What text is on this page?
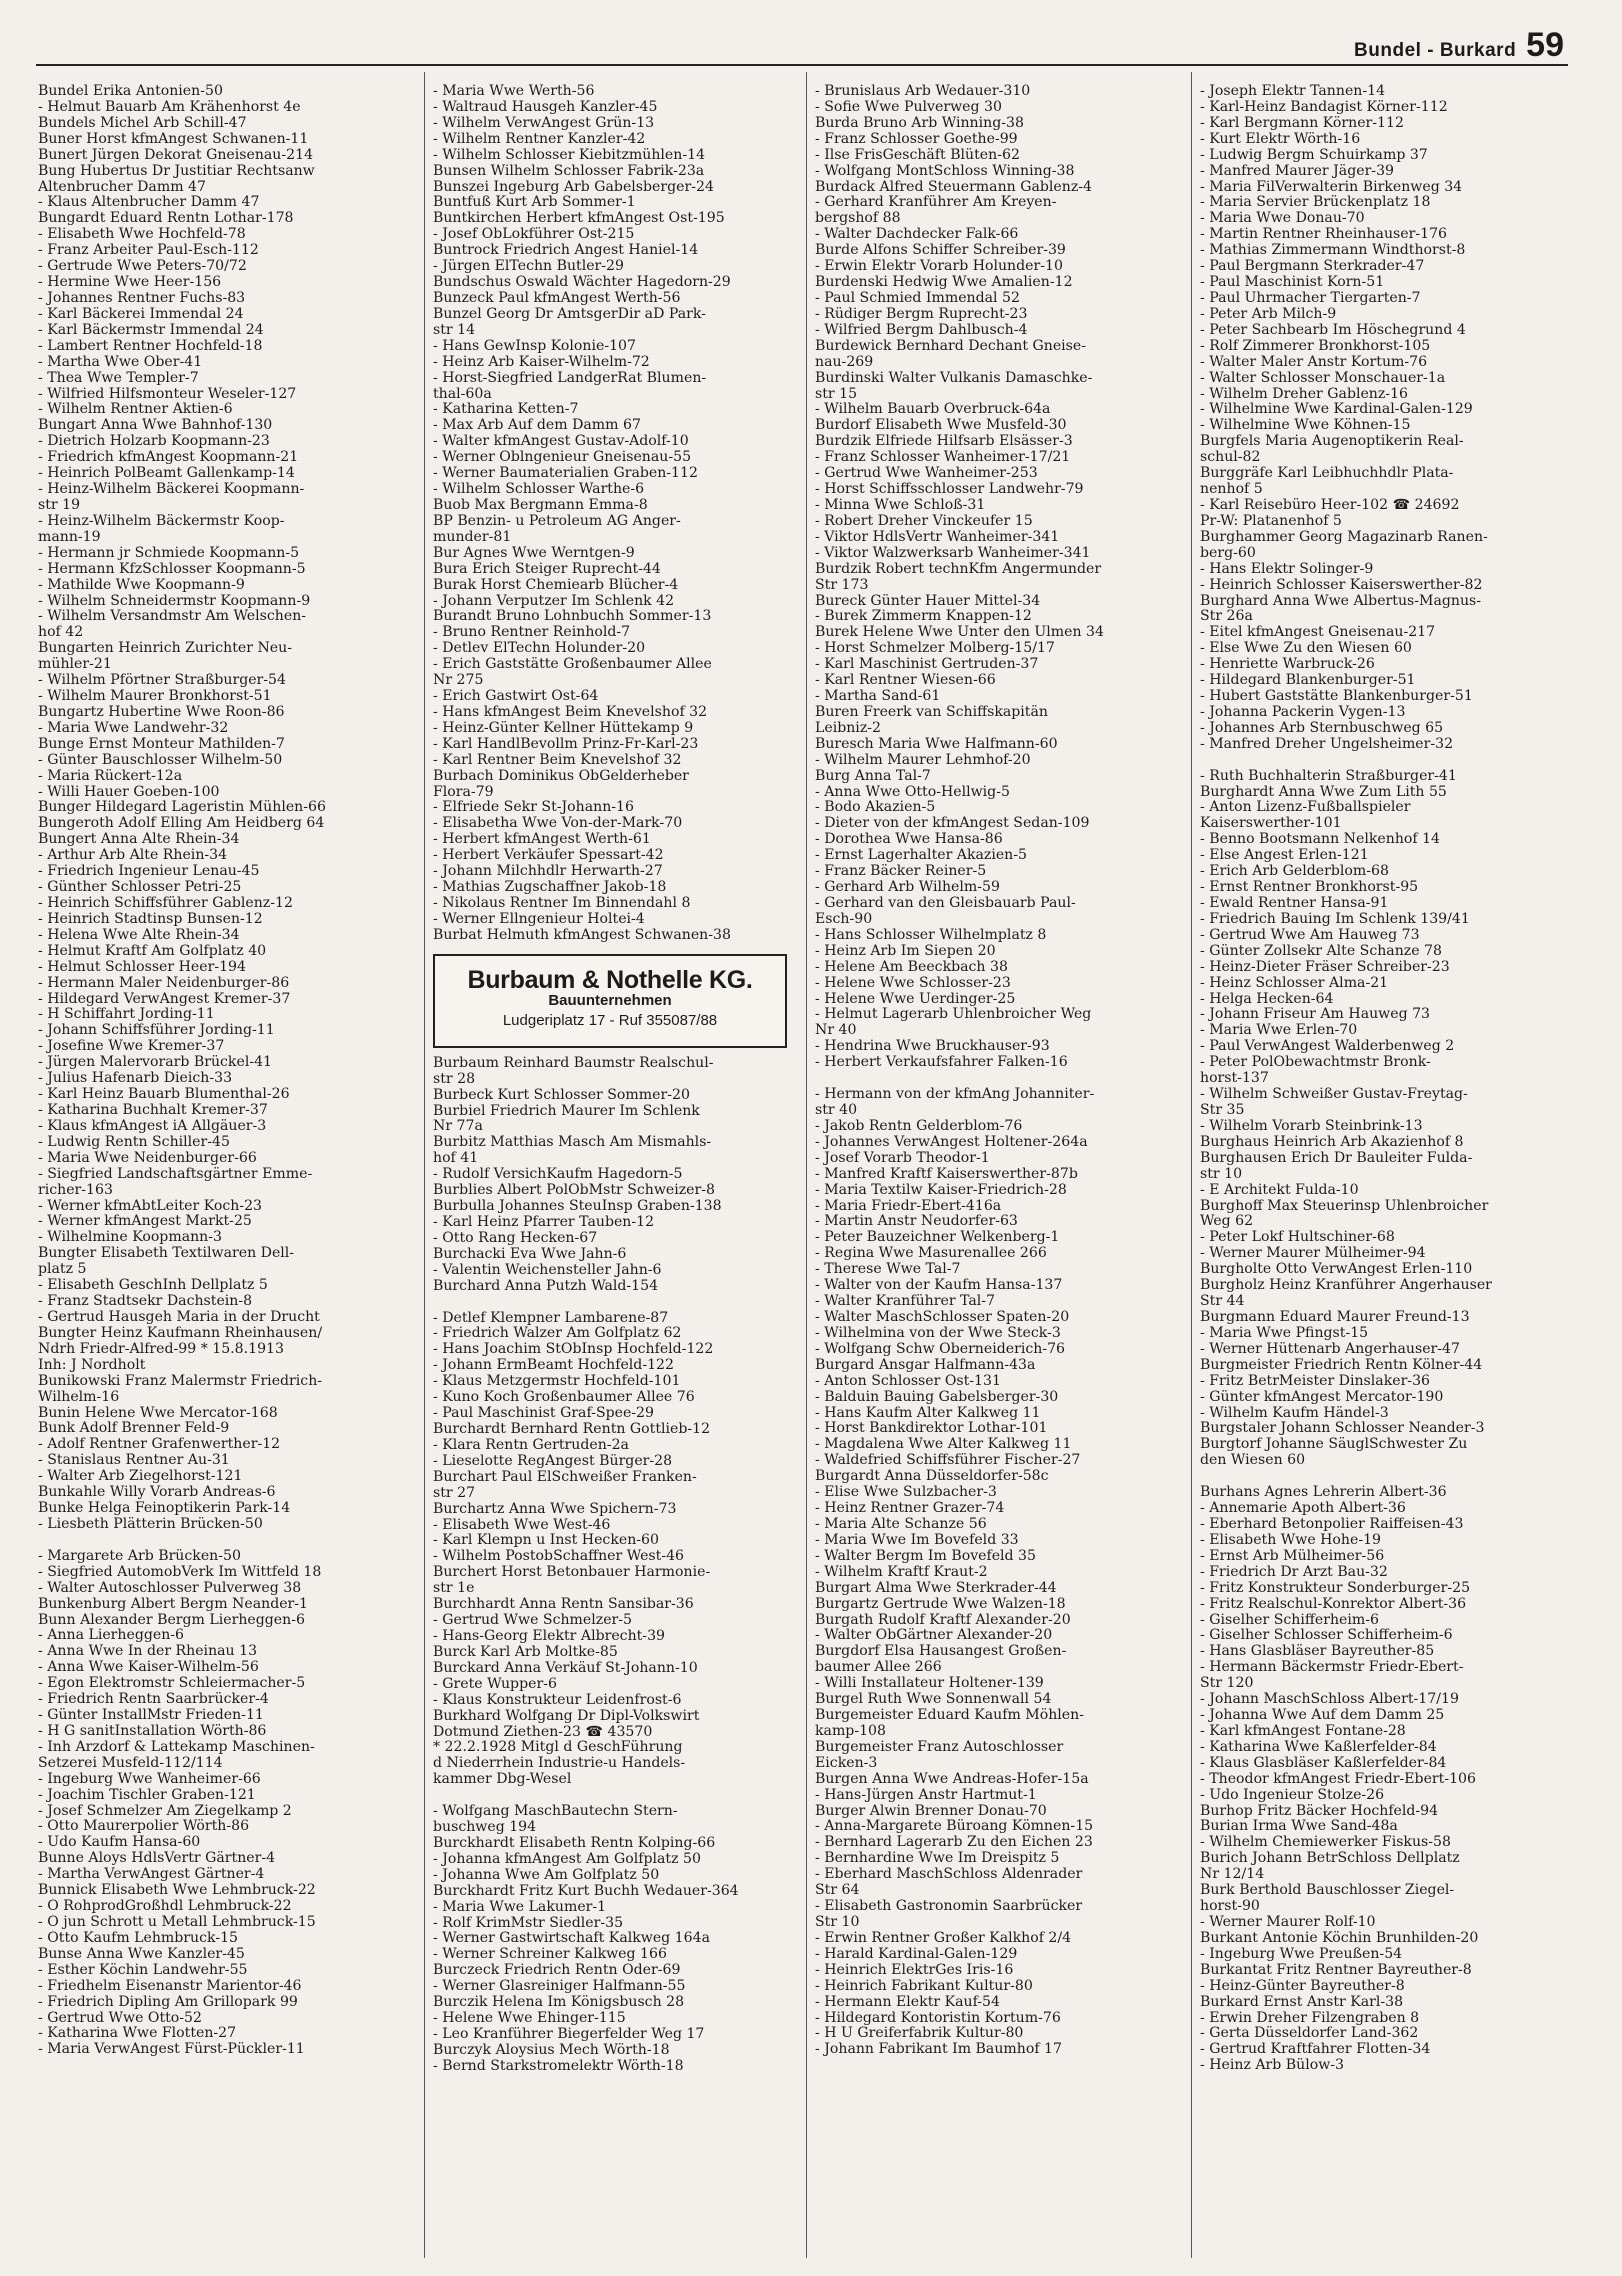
Bundel - Burkard 59
Bundel Erika Antonien-50
- Helmut Bauarb Am Krähenhorst 4e
Bundels Michel Arb Schill-47
Buner Horst kfmAngest Schwanen-11
Bunert Jürgen Dekorat Gneisenau-214
Bung Hubertus Dr Justitiar Rechtsanw
Altenbrucher Damm 47
- Klaus Altenbrucher Damm 47
Bungardt Eduard Rentn Lothar-178
- Elisabeth Wwe Hochfeld-78
- Franz Arbeiter Paul-Esch-112
- Gertrude Wwe Peters-70/72
- Hermine Wwe Heer-156
- Johannes Rentner Fuchs-83
- Karl Bäckerei Immendal 24
- Karl Bäckermstr Immendal 24
- Lambert Rentner Hochfeld-18
- Martha Wwe Ober-41
- Thea Wwe Templer-7
- Wilfried Hilfsmonteur Weseler-127
- Wilhelm Rentner Aktien-6
Bungart Anna Wwe Bahnhof-130
- Dietrich Holzarb Koopmann-23
- Friedrich kfmAngest Koopmann-21
- Heinrich PolBeamt Gallenkamp-14
- Heinz-Wilhelm Bäckerei Koopmann-
str 19
- Heinz-Wilhelm Bäckermstr Koop-
mann-19
- Hermann jr Schmiede Koopmann-5
- Hermann KfzSchlosser Koopmann-5
- Mathilde Wwe Koopmann-9
- Wilhelm Schneidermstr Koopmann-9
- Wilhelm Versandmstr Am Welschen-
hof 42
Bungarten Heinrich Zurichter Neu-
mühler-21
- Wilhelm Pförtner Straßburger-54
- Wilhelm Maurer Bronkhorst-51
Bungartz Hubertine Wwe Roon-86
- Maria Wwe Landwehr-32
Bunge Ernst Monteur Mathilden-7
- Günter Bauschlosser Wilhelm-50
- Maria Rückert-12a
- Willi Hauer Goeben-100
Bunger Hildegard Lageristin Mühlen-66
Bungeroth Adolf Elling Am Heidberg 64
Bungert Anna Alte Rhein-34
- Arthur Arb Alte Rhein-34
- Friedrich Ingenieur Lenau-45
- Günther Schlosser Petri-25
- Heinrich Schiffsführer Gablenz-12
- Heinrich Stadtinsp Bunsen-12
- Helena Wwe Alte Rhein-34
- Helmut Kraftf Am Golfplatz 40
- Helmut Schlosser Heer-194
- Hermann Maler Neidenburger-86
- Hildegard VerwAngest Kremer-37
- H Schiffahrt Jording-11
- Johann Schiffsführer Jording-11
- Josefine Wwe Kremer-37
- Jürgen Malervorarb Brückel-41
- Julius Hafenarb Dieich-33
- Karl Heinz Bauarb Blumenthal-26
- Katharina Buchhalt Kremer-37
- Klaus kfmAngest iA Allgäuer-3
- Ludwig Rentn Schiller-45
- Maria Wwe Neidenburger-66
- Siegfried Landschaftsgärtner Emme-
richer-163
- Werner kfmAbtLeiter Koch-23
- Werner kfmAngest Markt-25
- Wilhelmine Koopmann-3
Bungter Elisabeth Textilwaren Dell-
platz 5
- Elisabeth GeschInh Dellplatz 5
- Franz Stadtsekr Dachstein-8
- Gertrud Hausgeh Maria in der Drucht
Bungter Heinz Kaufmann Rheinhausen/
Ndrh Friedr-Alfred-99 * 15.8.1913
Inh: J Nordholt
Bunikowski Franz Malermstr Friedrich-
Wilhelm-16
Bunin Helene Wwe Mercator-168
Bunk Adolf Brenner Feld-9
- Adolf Rentner Grafenwerther-12
- Stanislaus Rentner Au-31
- Walter Arb Ziegelhorst-121
Bunkahle Willy Vorarb Andreas-6
Bunke Helga Feinoptikerin Park-14
- Liesbeth Plätterin Brücken-50
- Margarete Arb Brücken-50
- Siegfried AutomobVerk Im Wittfeld 18
- Walter Autoschlosser Pulverweg 38
Bunkenburg Albert Bergm Neander-1
Bunn Alexander Bergm Lierheggen-6
- Anna Lierheggen-6
- Anna Wwe In der Rheinau 13
- Anna Wwe Kaiser-Wilhelm-56
- Egon Elektromstr Schleiermacher-5
- Friedrich Rentn Saarbrücker-4
- Günter InstallMstr Frieden-11
- H G sanitInstallation Wörth-86
- Inh Arzdorf & Lattekamp Maschinen-
Setzerei Musfeld-112/114
- Ingeburg Wwe Wanheimer-66
- Joachim Tischler Graben-121
- Josef Schmelzer Am Ziegelkamp 2
- Otto Maurerpolier Wörth-86
- Udo Kaufm Hansa-60
Bunne Aloys HdlsVertr Gärtner-4
- Martha VerwAngest Gärtner-4
Bunnick Elisabeth Wwe Lehmbruck-22
- O RohprodGroßhdl Lehmbruck-22
- O jun Schrott u Metall Lehmbruck-15
- Otto Kaufm Lehmbruck-15
Bunse Anna Wwe Kanzler-45
- Esther Köchin Landwehr-55
- Friedhelm Eisenanstr Marientor-46
- Friedrich Dipling Am Grillopark 99
- Gertrud Wwe Otto-52
- Katharina Wwe Flotten-27
- Maria VerwAngest Fürst-Pückler-11
- Maria Wwe Werth-56
- Waltraud Hausgeh Kanzler-45
- Wilhelm VerwAngest Grün-13
- Wilhelm Rentner Kanzler-42
- Wilhelm Schlosser Kiebitzmühlen-14
Bunsen Wilhelm Schlosser Fabrik-23a
Bunszei Ingeburg Arb Gabelsberger-24
Buntfuß Kurt Arb Sommer-1
Buntkirchen Herbert kfmAngest Ost-195
- Josef ObLokführer Ost-215
Buntrock Friedrich Angest Haniel-14
- Jürgen ElTechn Butler-29
Bundschus Oswald Wächter Hagedorn-29
Bunzeck Paul kfmAngest Werth-56
Bunzel Georg Dr AmtsgerDir aD Park-
str 14
- Hans GewInsp Kolonie-107
- Heinz Arb Kaiser-Wilhelm-72
- Horst-Siegfried LandgerRat Blumen-
thal-60a
- Katharina Ketten-7
- Max Arb Auf dem Damm 67
- Walter kfmAngest Gustav-Adolf-10
- Werner Oblngenieur Gneisenau-55
- Werner Baumaterialien Graben-112
- Wilhelm Schlosser Warthe-6
Buob Max Bergmann Emma-8
BP Benzin- u Petroleum AG Anger-
munder-81
Bur Agnes Wwe Werntgen-9
Bura Erich Steiger Ruprecht-44
Burak Horst Chemiearb Blücher-4
- Johann Verputzer Im Schlenk 42
Burandt Bruno Lohnbuchh Sommer-13
- Bruno Rentner Reinhold-7
- Detlev ElTechn Holunder-20
- Erich Gaststätte Großenbaumer Allee
Nr 275
- Erich Gastwirt Ost-64
- Hans kfmAngest Beim Knevelshof 32
- Heinz-Günter Kellner Hüttekamp 9
- Karl HandlBevollm Prinz-Fr-Karl-23
- Karl Rentner Beim Knevelshof 32
Burbach Dominikus ObGelderheber
Flora-79
- Elfriede Sekr St-Johann-16
- Elisabetha Wwe Von-der-Mark-70
- Herbert kfmAngest Werth-61
- Herbert Verkäufer Spessart-42
- Johann Milchhdlr Herwarth-27
- Mathias Zugschaffner Jakob-18
- Nikolaus Rentner Im Binnendahl 8
- Werner Ellngenieur Holtei-4
Burbat Helmuth kfmAngest Schwanen-38
Burbaum & Nothelle KG.
Bauunternehmen
Ludgeriplatz 17 - Ruf 355087/88
Burbaum Reinhard Baumstr Realschul-
str 28
Burbeck Kurt Schlosser Sommer-20
Burbiel Friedrich Maurer Im Schlenk
Nr 77a
Burbitz Matthias Masch Am Mismahls-
hof 41
- Rudolf VersichKaufm Hagedorn-5
Burblies Albert PolObMstr Schweizer-8
Burbulla Johannes SteuInsp Graben-138
- Karl Heinz Pfarrer Tauben-12
- Otto Rang Hecken-67
Burchacki Eva Wwe Jahn-6
- Valentin Weichensteller Jahn-6
Burchard Anna Putzh Wald-154
- Detlef Klempner Lambarene-87
- Friedrich Walzer Am Golfplatz 62
- Hans Joachim StObInsp Hochfeld-122
- Johann ErmBeamt Hochfeld-122
- Klaus Metzgermstr Hochfeld-101
- Kuno Koch Großenbaumer Allee 76
- Paul Maschinist Graf-Spee-29
Burchardt Bernhard Rentn Gottlieb-12
- Klara Rentn Gertruden-2a
- Lieselotte RegAngest Bürger-28
Burchart Paul ElSchweißer Franken-
str 27
Burchartz Anna Wwe Spichern-73
- Elisabeth Wwe West-46
- Karl Klempn u Inst Hecken-60
- Wilhelm PostobSchaffner West-46
Burchert Horst Betonbauer Harmonie-
str 1e
Burchhardt Anna Rentn Sansibar-36
- Gertrud Wwe Schmelzer-5
- Hans-Georg Elektr Albrecht-39
Burck Karl Arb Moltke-85
Burckard Anna Verkäuf St-Johann-10
- Grete Wupper-6
- Klaus Konstrukteur Leidenfrost-6
Burkhard Wolfgang Dr Dipl-Volkswirt
Dotmund Ziethen-23 ☎ 43570
* 22.2.1928 Mitgl d GeschFührung
d Niederrhein Industrie-u Handels-
kammer Dbg-Wesel
- Wolfgang MaschBautechn Stern-
buschweg 194
Burckhardt Elisabeth Rentn Kolping-66
- Johanna kfmAngest Am Golfplatz 50
- Johanna Wwe Am Golfplatz 50
Burckhardt Fritz Kurt Buchh Wedauer-364
- Maria Wwe Lakumer-1
- Rolf KrimMstr Siedler-35
- Werner Gastwirtschaft Kalkweg 164a
- Werner Schreiner Kalkweg 166
Burczeck Friedrich Rentn Oder-69
- Werner Glasreiniger Halfmann-55
Burczik Helena Im Königsbusch 28
- Helene Wwe Ehinger-115
- Leo Kranführer Biegerfelder Weg 17
Burczyk Aloysius Mech Wörth-18
- Bernd Starkstromelektr Wörth-18
- Brunislaus Arb Wedauer-310
- Sofie Wwe Pulverweg 30
Burda Bruno Arb Winning-38
- Franz Schlosser Goethe-99
- Ilse FrisGeschäft Blüten-62
- Wolfgang MontSchloss Winning-38
Burdack Alfred Steuermann Gablenz-4
- Gerhard Kranführer Am Kreyen-
bergshof 88
- Walter Dachdecker Falk-66
Burde Alfons Schiffer Schreiber-39
- Erwin Elektr Vorarb Holunder-10
Burdenski Hedwig Wwe Amalien-12
- Paul Schmied Immendal 52
- Rüdiger Bergm Ruprecht-23
- Wilfried Bergm Dahlbusch-4
Burdewick Bernhard Dechant Gneise-
nau-269
Burdinski Walter Vulkanis Damaschke-
str 15
- Wilhelm Bauarb Overbruck-64a
Burdorf Elisabeth Wwe Musfeld-30
Burdzik Elfriede Hilfsarb Elsässer-3
- Franz Schlosser Wanheimer-17/21
- Gertrud Wwe Wanheimer-253
- Horst Schiffsschlosser Landwehr-79
- Minna Wwe Schloß-31
- Robert Dreher Vinckeufer 15
- Viktor HdlsVertr Wanheimer-341
- Viktor Walzwerksarb Wanheimer-341
Burdzik Robert technKfm Angermunder
Str 173
Bureck Günter Hauer Mittel-34
- Burek Zimmerm Knappen-12
Burek Helene Wwe Unter den Ulmen 34
- Horst Schmelzer Molberg-15/17
- Karl Maschinist Gertruden-37
- Karl Rentner Wiesen-66
- Martha Sand-61
Buren Freerk van Schiffskapitän
Leibniz-2
Buresch Maria Wwe Halfmann-60
- Wilhelm Maurer Lehmhof-20
Burg Anna Tal-7
- Anna Wwe Otto-Hellwig-5
- Bodo Akazien-5
- Dieter von der kfmAngest Sedan-109
- Dorothea Wwe Hansa-86
- Ernst Lagerhalter Akazien-5
- Franz Bäcker Reiner-5
- Gerhard Arb Wilhelm-59
- Gerhard van den Gleisbauarb Paul-
Esch-90
- Hans Schlosser Wilhelmplatz 8
- Heinz Arb Im Siepen 20
- Helene Am Beeckbach 38
- Helene Wwe Schlosser-23
- Helene Wwe Uerdinger-25
- Helmut Lagerarb Uhlenbroicher Weg
Nr 40
- Hendrina Wwe Bruckhauser-93
- Herbert Verkaufsfahrer Falken-16
- Hermann von der kfmAng Johanniter-
str 40
- Jakob Rentn Gelderblom-76
- Johannes VerwAngest Holtener-264a
- Josef Vorarb Theodor-1
- Manfred Kraftf Kaiserswerther-87b
- Maria Textilw Kaiser-Friedrich-28
- Maria Friedr-Ebert-416a
- Martin Anstr Neudorfer-63
- Peter Bauzeichner Welkenberg-1
- Regina Wwe Masurenallee 266
- Therese Wwe Tal-7
- Walter von der Kaufm Hansa-137
- Walter Kranführer Tal-7
- Walter MaschSchlosser Spaten-20
- Wilhelmina von der Wwe Steck-3
- Wolfgang Schw Oberneiderich-76
Burgard Ansgar Halfmann-43a
- Anton Schlosser Ost-131
- Balduin Bauing Gabelsberger-30
- Hans Kaufm Alter Kalkweg 11
- Horst Bankdirektor Lothar-101
- Magdalena Wwe Alter Kalkweg 11
- Waldefried Schiffsführer Fischer-27
Burgardt Anna Düsseldorfer-58c
- Elise Wwe Sulzbacher-3
- Heinz Rentner Grazer-74
- Maria Alte Schanze 56
- Maria Wwe Im Bovefeld 33
- Walter Bergm Im Bovefeld 35
- Wilhelm Kraftf Kraut-2
Burgart Alma Wwe Sterkrader-44
Burgartz Gertrude Wwe Walzen-18
Burgath Rudolf Kraftf Alexander-20
- Walter ObGärtner Alexander-20
Burgdorf Elsa Hausangest Großen-
baumer Allee 266
- Willi Installateur Holtener-139
Burgel Ruth Wwe Sonnenwall 54
Burgemeister Eduard Kaufm Möhlen-
kamp-108
Burgemeister Franz Autoschlosser
Eicken-3
Burgen Anna Wwe Andreas-Hofer-15a
- Hans-Jürgen Anstr Hartmut-1
Burger Alwin Brenner Donau-70
- Anna-Margarete Büroang Kömnen-15
- Bernhard Lagerarb Zu den Eichen 23
- Bernhardine Wwe Im Dreispitz 5
- Eberhard MaschSchloss Aldenrader
Str 64
- Elisabeth Gastronomin Saarbrücker
Str 10
- Erwin Rentner Großer Kalkhof 2/4
- Harald Kardinal-Galen-129
- Heinrich ElektrGes Iris-16
- Heinrich Fabrikant Kultur-80
- Hermann Elektr Kauf-54
- Hildegard Kontoristin Kortum-76
- H U Greiferfabrik Kultur-80
- Johann Fabrikant Im Baumhof 17
- Joseph Elektr Tannen-14
- Karl-Heinz Bandagist Körner-112
- Karl Bergmann Körner-112
- Kurt Elektr Wörth-16
- Ludwig Bergm Schuirkamp 37
- Manfred Maurer Jäger-39
- Maria FilVerwalterin Birkenweg 34
- Maria Servier Brückenplatz 18
- Maria Wwe Donau-70
- Martin Rentner Rheinhauser-176
- Mathias Zimmermann Windthorst-8
- Paul Bergmann Sterkrader-47
- Paul Maschinist Korn-51
- Paul Uhrmacher Tiergarten-7
- Peter Arb Milch-9
- Peter Sachbearb Im Höschegrund 4
- Rolf Zimmerer Bronkhorst-105
- Walter Maler Anstr Kortum-76
- Walter Schlosser Monschauer-1a
- Wilhelm Dreher Gablenz-16
- Wilhelmine Wwe Kardinal-Galen-129
- Wilhelmine Wwe Köhnen-15
Burgfels Maria Augenoptikerin Real-
schul-82
Burggräfe Karl Leibhuchhdlr Plata-
nenhof 5
- Karl Reisebüro Heer-102 ☎ 24692
Pr-W: Platanenhof 5
Burghammer Georg Magazinarb Ranen-
berg-60
- Hans Elektr Solinger-9
- Heinrich Schlosser Kaiserswerther-82
Burghard Anna Wwe Albertus-Magnus-
Str 26a
- Eitel kfmAngest Gneisenau-217
- Else Wwe Zu den Wiesen 60
- Henriette Warbruck-26
- Hildegard Blankenburger-51
- Hubert Gaststätte Blankenburger-51
- Johanna Packerin Vygen-13
- Johannes Arb Sternbuschweg 65
- Manfred Dreher Ungelsheimer-32
- Ruth Buchhalterin Straßburger-41
Burghardt Anna Wwe Zum Lith 55
- Anton Lizenz-Fußballspieler
Kaiserswerther-101
- Benno Bootsmann Nelkenhof 14
- Else Angest Erlen-121
- Erich Arb Gelderblom-68
- Ernst Rentner Bronkhorst-95
- Ewald Rentner Hansa-91
- Friedrich Bauing Im Schlenk 139/41
- Gertrud Wwe Am Hauweg 73
- Günter Zollsekr Alte Schanze 78
- Heinz-Dieter Fräser Schreiber-23
- Heinz Schlosser Alma-21
- Helga Hecken-64
- Johann Friseur Am Hauweg 73
- Maria Wwe Erlen-70
- Paul VerwAngest Walderbenweg 2
- Peter PolObewachtmstr Bronk-
horst-137
- Wilhelm Schweißer Gustav-Freytag-
Str 35
- Wilhelm Vorarb Steinbrink-13
Burghaus Heinrich Arb Akazienhof 8
Burghausen Erich Dr Bauleiter Fulda-
str 10
- E Architekt Fulda-10
Burghoff Max Steuerinsp Uhlenbroicher
Weg 62
- Peter Lokf Hultschiner-68
- Werner Maurer Mülheimer-94
Burgholte Otto VerwAngest Erlen-110
Burgholz Heinz Kranführer Angerhauser
Str 44
Burgmann Eduard Maurer Freund-13
- Maria Wwe Pfingst-15
- Werner Hüttenarb Angerhauser-47
Burgmeister Friedrich Rentn Kölner-44
- Fritz BetrMeister Dinslaker-36
- Günter kfmAngest Mercator-190
- Wilhelm Kaufm Händel-3
Burgstaler Johann Schlosser Neander-3
Burgtorf Johanne SäuglSchwester Zu
den Wiesen 60
Burhans Agnes Lehrerin Albert-36
- Annemarie Apoth Albert-36
- Eberhard Betonpolier Raiffeisen-43
- Elisabeth Wwe Hohe-19
- Ernst Arb Mülheimer-56
- Friedrich Dr Arzt Bau-32
- Fritz Konstrukteur Sonderburger-25
- Fritz Realschul-Konrektor Albert-36
- Giselher Schifferheim-6
- Giselher Schlosser Schifferheim-6
- Hans Glasbläser Bayreuther-85
- Hermann Bäckermstr Friedr-Ebert-
Str 120
- Johann MaschSchloss Albert-17/19
- Johanna Wwe Auf dem Damm 25
- Karl kfmAngest Fontane-28
- Katharina Wwe Kaßlerfelder-84
- Klaus Glasbläser Kaßlerfelder-84
- Theodor kfmAngest Friedr-Ebert-106
- Udo Ingenieur Stolze-26
Burhop Fritz Bäcker Hochfeld-94
Burian Irma Wwe Sand-48a
- Wilhelm Chemiewerker Fiskus-58
Burich Johann BetrSchloss Dellplatz
Nr 12/14
Burk Berthold Bauschlosser Ziegel-
horst-90
- Werner Maurer Rolf-10
Burkant Antonie Köchin Brunhilden-20
- Ingeburg Wwe Preußen-54
Burkantat Fritz Rentner Bayreuther-8
- Heinz-Günter Bayreuther-8
Burkard Ernst Anstr Karl-38
- Erwin Dreher Filzengraben 8
- Gerta Düsseldorfer Land-362
- Gertrud Kraftfahrer Flotten-34
- Heinz Arb Bülow-3
